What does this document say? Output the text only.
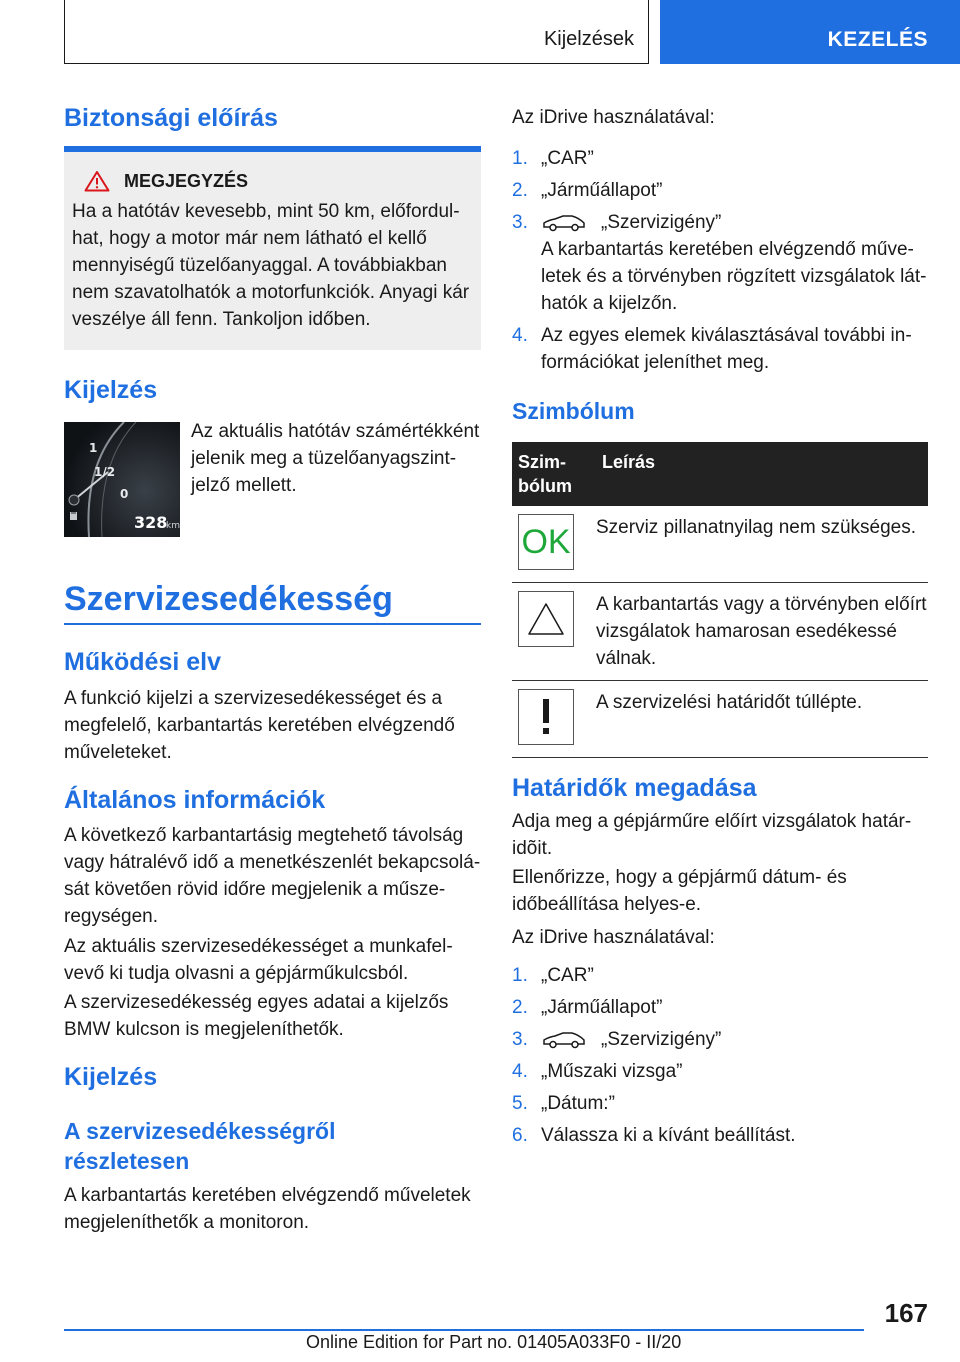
Kijelzések	KEZELÉS
Biztonsági előírás
MEGJEGYZÉS

Ha a hatótáv kevesebb, mint 50 km, előfordulhat, hogy a motor már nem látható el kellő mennyiségű tüzelőanyaggal. A továbbiakban nem szavatolhatók a motorfunkciók. Anyagi kár veszélye áll fenn. Tankoljon időben.

Kijelzés
1
1/2
0
328
km

Az aktuális hatótáv számértékként jelenik meg a tüzelőanyagszintjelző mellett.

Szervizesedékesség
Működési elv

A funkció kijelzi a szervizesedékességet és a megfelelő, karbantartás keretében elvégzendő műveleteket.

Általános információk

A következő karbantartásig megtehető távolság vagy hátralévő idő a menetkészenlét bekapcsolását követően rövid időre megjelenik a műszeregységen.

Az aktuális szervizesedékességet a munkafelvevő ki tudja olvasni a gépjárműkulcsból.

A szervizesedékesség egyes adatai a kijelzős BMW kulcson is megjeleníthetők.

Kijelzés
A szervizesedékességről
részletesen

A karbantartás keretében elvégzendő műveletek megjeleníthetők a monitoron.

Az iDrive használatával:

1. „CAR”
2. „Járműállapot”
3.	„Szervizigény”
A karbantartás keretében elvégzendő műveletek és a törvényben rögzített vizsgálatok láthatók a kijelzőn.
4. Az egyes elemek kiválasztásával további információkat jeleníthet meg.
Szimbólum
Szim-
bólum	Leírás

OK	Szerviz pillanatnyilag nem szükséges.

	A karbantartás vagy a törvényben előírt vizsgálatok hamarosan esedékessé válnak.

	A szervizelési határidőt túllépte.
Határidők megadása

Adja meg a gépjárműre előírt vizsgálatok határidõit.

Ellenőrizze, hogy a gépjármű dátum- és időbeállítása helyes-e.

Az iDrive használatával:

1. „CAR”
2. „Járműállapot”
3.	„Szervizigény”
4. „Műszaki vizsga”
5. „Dátum:”
6. Válassza ki a kívánt beállítást.
167
Online Edition for Part no. 01405A033F0 - II/20
